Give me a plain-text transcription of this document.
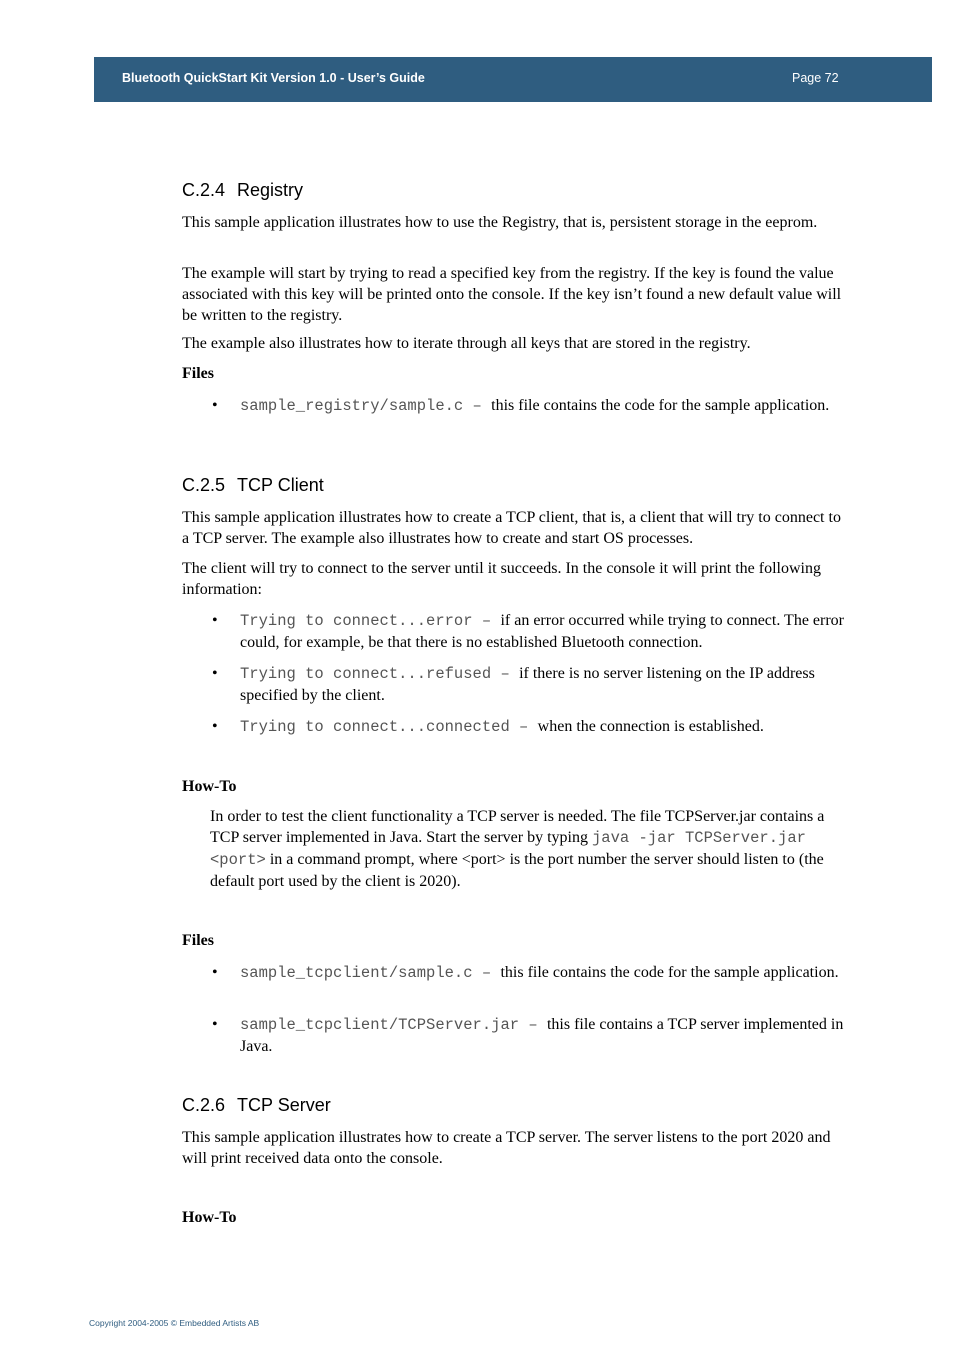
Bluetooth QuickStart Kit Version 1.0 - User’s Guide	Page 72
C.2.4 Registry

This sample application illustrates how to use the Registry, that is, persistent storage in the eeprom.

The example will start by trying to read a specified key from the registry. If the key is found the value associated with this key will be printed onto the console. If the key isn’t found a new default value will be written to the registry.

The example also illustrates how to iterate through all keys that are stored in the registry.

Files

• sample_registry/sample.c – this file contains the code for the sample application.
C.2.5 TCP Client

This sample application illustrates how to create a TCP client, that is, a client that will try to connect to a TCP server. The example also illustrates how to create and start OS processes.

The client will try to connect to the server until it succeeds. In the console it will print the following information:

• Trying to connect...error – if an error occurred while trying to connect. The error could, for example, be that there is no established Bluetooth connection.
• Trying to connect...refused – if there is no server listening on the IP address specified by the client.
• Trying to connect...connected – when the connection is established.

How-To

In order to test the client functionality a TCP server is needed. The file TCPServer.jar contains a TCP server implemented in Java. Start the server by typing java -jar TCPServer.jar <port> in a command prompt, where <port> is the port number the server should listen to (the default port used by the client is 2020).

Files

• sample_tcpclient/sample.c – this file contains the code for the sample application.
• sample_tcpclient/TCPServer.jar – this file contains a TCP server implemented in Java.
C.2.6 TCP Server

This sample application illustrates how to create a TCP server. The server listens to the port 2020 and will print received data onto the console.

How-To

Copyright 2004-2005 © Embedded Artists AB
